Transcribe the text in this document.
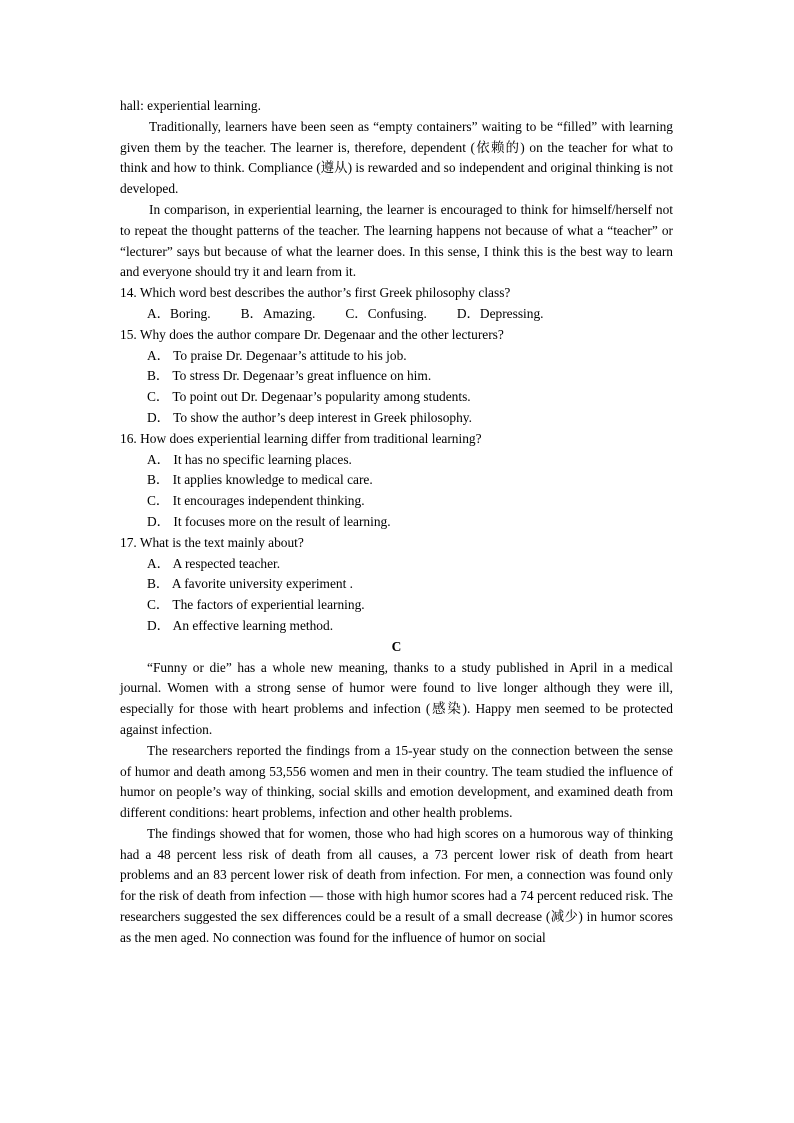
hall: experiential learning.

Traditionally, learners have been seen as “empty containers” waiting to be “filled” with learning given them by the teacher. The learner is, therefore, dependent (依赖的) on the teacher for what to think and how to think. Compliance (遵从) is rewarded and so independent and original thinking is not developed.

In comparison, in experiential learning, the learner is encouraged to think for himself/herself not to repeat the thought patterns of the teacher. The learning happens not because of what a “teacher” or “lecturer” says but because of what the learner does. In this sense, I think this is the best way to learn and everyone should try it and learn from it.

14. Which word best describes the author’s first Greek philosophy class?

A．Boring. B．Amazing. C．Confusing. D．Depressing.

15. Why does the author compare Dr. Degenaar and the other lecturers?

A． To praise Dr. Degenaar’s attitude to his job.

B． To stress Dr. Degenaar’s great influence on him.

C． To point out Dr. Degenaar’s popularity among students.

D． To show the author’s deep interest in Greek philosophy.

16. How does experiential learning differ from traditional learning?

A． It has no specific learning places.

B． It applies knowledge to medical care.

C． It encourages independent thinking.

D． It focuses more on the result of learning.

17. What is the text mainly about?

A． A respected teacher.

B． A favorite university experiment .

C． The factors of experiential learning.

D． An effective learning method.

C

“Funny or die” has a whole new meaning, thanks to a study published in April in a medical journal. Women with a strong sense of humor were found to live longer although they were ill, especially for those with heart problems and infection (感染). Happy men seemed to be protected against infection.

The researchers reported the findings from a 15-year study on the connection between the sense of humor and death among 53,556 women and men in their country. The team studied the influence of humor on people’s way of thinking, social skills and emotion development, and examined death from different conditions: heart problems, infection and other health problems.

The findings showed that for women, those who had high scores on a humorous way of thinking had a 48 percent less risk of death from all causes, a 73 percent lower risk of death from heart problems and an 83 percent lower risk of death from infection. For men, a connection was found only for the risk of death from infection — those with high humor scores had a 74 percent reduced risk. The researchers suggested the sex differences could be a result of a small decrease (减少) in humor scores as the men aged. No connection was found for the influence of humor on social
